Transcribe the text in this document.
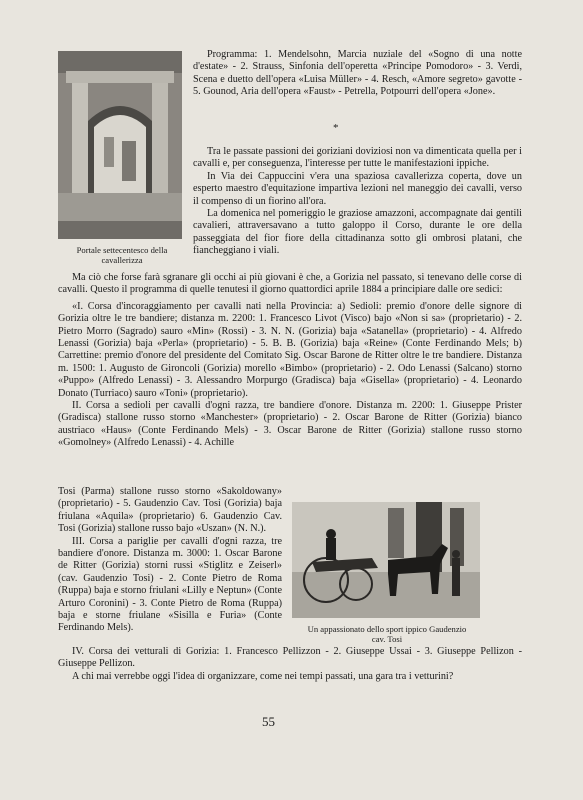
Portale settecentesco della cavallerizza

Programma: 1. Mendelsohn, Marcia nuziale del «Sogno di una notte d'estate» - 2. Strauss, Sinfonia dell'operetta «Principe Pomodoro» - 3. Verdi, Scena e duetto dell'opera «Luisa Müller» - 4. Resch, «Amore segreto» gavotte - 5. Gounod, Aria dell'opera «Faust» - Petrella, Potpourri dell'opera «Jone».

*

Tra le passate passioni dei goriziani doviziosi non va dimenticata quella per i cavalli e, per conseguenza, l'interesse per tutte le manifestazioni ippiche.

In Via dei Cappuccini v'era una spaziosa cavallerizza coperta, dove un esperto maestro d'equitazione impartiva lezioni nel maneggio dei cavalli, verso il compenso di un fiorino all'ora.

La domenica nel pomeriggio le graziose amazzoni, accompagnate dai gentili cavalieri, attraversavano a tutto galoppo il Corso, durante le ore della passeggiata del fior fiore della cittadinanza sotto gli ombrosi platani, che fiancheggiano i viali.

Ma ciò che forse farà sgranare gli occhi ai più giovani è che, a Gorizia nel passato, si tenevano delle corse di cavalli. Questo il programma di quelle tenutesi il giorno quattordici aprile 1884 a principiare dalle ore sedici:

«I. Corsa d'incoraggiamento per cavalli nati nella Provincia: a) Sedioli: premio d'onore delle signore di Gorizia oltre le tre bandiere; distanza m. 2200: 1. Francesco Livot (Visco) bajo «Non si sa» (proprietario) - 2. Pietro Morro (Sagrado) sauro «Min» (Rossi) - 3. N. N. (Gorizia) baja «Satanella» (proprietario) - 4. Alfredo Lenassi (Gorizia) baja «Perla» (proprietario) - 5. B. B. (Gorizia) baja «Reine» (Conte Ferdinando Mels; b) Carrettine: premio d'onore del presidente del Comitato Sig. Oscar Barone de Ritter oltre le tre bandiere. Distanza m. 1500: 1. Augusto de Gironcoli (Gorizia) morello «Bimbo» (proprietario) - 2. Odo Lenassi (Salcano) storno «Puppo» (Alfredo Lenassi) - 3. Alessandro Morpurgo (Gradisca) baja «Gisella» (proprietario) - 4. Leonardo Donato (Turriaco) sauro «Toni» (proprietario).

II. Corsa a sedioli per cavalli d'ogni razza, tre bandiere d'onore. Distanza m. 2200: 1. Giuseppe Prister (Gradisca) stallone russo storno «Manchester» (proprietario) - 2. Oscar Barone de Ritter (Gorizia) bianco austriaco «Haus» (Conte Ferdinando Mels) - 3. Oscar Barone de Ritter (Gorizia) stallone russo storno «Gomolney» (Alfredo Lenassi) - 4. Achille

Tosi (Parma) stallone russo storno «Sakoldowany» (proprietario) - 5. Gaudenzio Cav. Tosi (Gorizia) baja friulana «Aquila» (proprietario) 6. Gaudenzio Cav. Tosi (Gorizia) stallone russo bajo «Uszan» (N. N.).

III. Corsa a pariglie per cavalli d'ogni razza, tre bandiere d'onore. Distanza m. 3000: 1. Oscar Barone de Ritter (Gorizia) storni russi «Stiglitz e Zeiserl» (cav. Gaudenzio Tosi) - 2. Conte Pietro de Roma (Ruppa) baja e storno friulani «Lilly e Neptun» (Conte Arturo Coronini) - 3. Conte Pietro de Roma (Ruppa) baja e storne friulane «Sisilla e Furia» (Conte Ferdinando Mels).	Un appassionato dello sport ippico Gaudenzio cav. Tosi

IV. Corsa dei vetturali di Gorizia: 1. Francesco Pellizzon - 2. Giuseppe Ussai - 3. Giuseppe Pellizon - Giuseppe Pellizon.

A chi mai verrebbe oggi l'idea di organizzare, come nei tempi passati, una gara tra i vetturini?

55
